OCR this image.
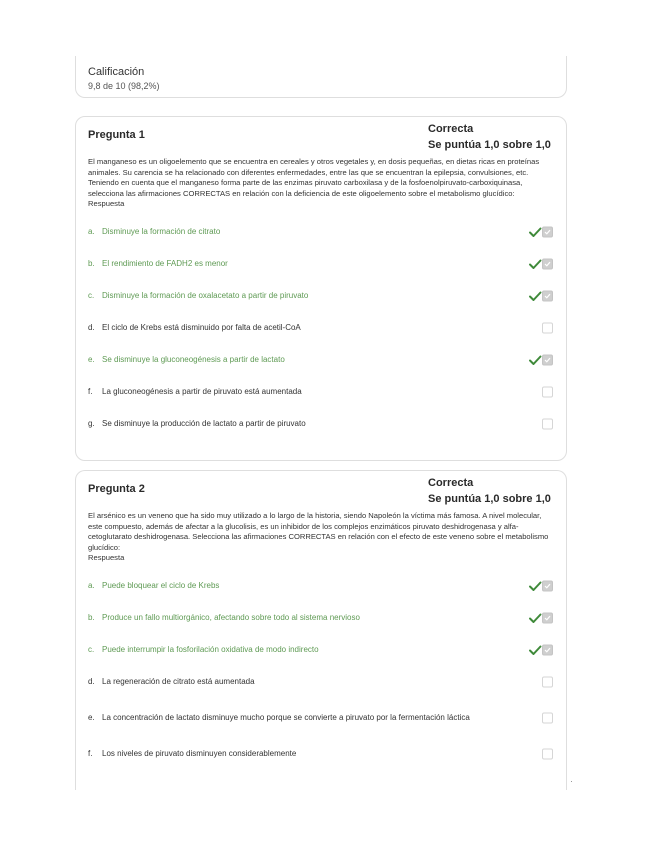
Calificación
9,8 de 10 (98,2%)
Pregunta 1	Correcta
Se puntúa 1,0 sobre 1,0
El manganeso es un oligoelemento que se encuentra en cereales y otros vegetales y, en dosis pequeñas, en dietas ricas en proteínas animales. Su carencia se ha relacionado con diferentes enfermedades, entre las que se encuentran la epilepsia, convulsiones, etc. Teniendo en cuenta que el manganeso forma parte de las enzimas piruvato carboxilasa y de la fosfoenolpiruvato-carboxiquinasa, selecciona las afirmaciones CORRECTAS en relación con la deficiencia de este oligoelemento sobre el metabolismo glucídico:
Respuesta
a. Disminuye la formación de citrato
b. El rendimiento de FADH2 es menor
c. Disminuye la formación de oxalacetato a partir de piruvato
d. El ciclo de Krebs está disminuido por falta de acetil-CoA
e. Se disminuye la gluconeogénesis a partir de lactato
f.	La gluconeogénesis a partir de piruvato está aumentada
g. Se disminuye la producción de lactato a partir de piruvato
Pregunta 2	Correcta
Se puntúa 1,0 sobre 1,0
El arsénico es un veneno que ha sido muy utilizado a lo largo de la historia, siendo Napoleón la víctima más famosa. A nivel molecular, este compuesto, además de afectar a la glucolisis, es un inhibidor de los complejos enzimáticos piruvato deshidrogenasa y alfa-cetoglutarato deshidrogenasa. Selecciona las afirmaciones CORRECTAS en relación con el efecto de este veneno sobre el metabolismo glucídico:
Respuesta
a. Puede bloquear el ciclo de Krebs
b. Produce un fallo multiorgánico, afectando sobre todo al sistema nervioso
c. Puede interrumpir la fosforilación oxidativa de modo indirecto
d. La regeneración de citrato está aumentada
e. La concentración de lactato disminuye mucho porque se convierte a piruvato por la fermentación láctica
f.	Los niveles de piruvato disminuyen considerablemente
